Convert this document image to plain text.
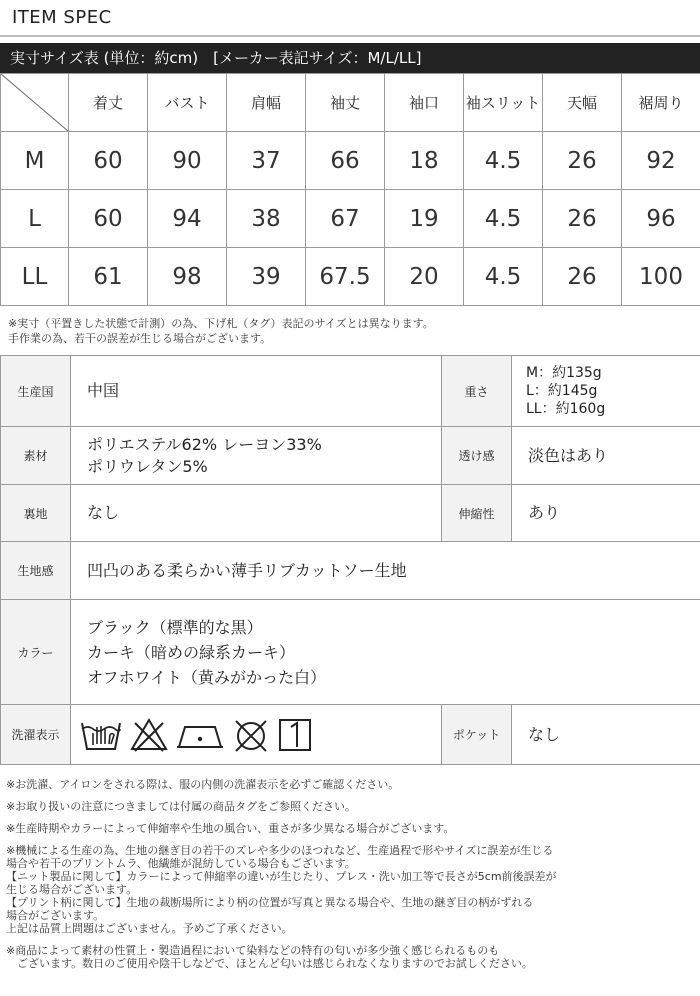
ITEM SPEC
実寸サイズ表 (単位：約cm)　[メーカー表記サイズ：M/L/LL]
	着丈	バスト	肩幅	袖丈	袖口	袖スリット	天幅	裾周り
M	60	90	37	66	18	4.5	26	92
L	60	94	38	67	19	4.5	26	96
LL	61	98	39	67.5	20	4.5	26	100
※実寸（平置きした状態で計測）の為、下げ札（タグ）表記のサイズとは異なります。
手作業の為、若干の誤差が生じる場合がございます。
生産国	中国	重さ	M：約135g
L：約145g
LL：約160g

素材	ポリエステル62% レーヨン33%
ポリウレタン5%	透け感	淡色はあり
裏地	なし	伸縮性	あり
生地感	凹凸のある柔らかい薄手リブカットソー生地		
カラー	ブラック（標準的な黒）
カーキ（暗めの緑系カーキ）
オフホワイト（黄みがかった白）		

洗濯表示		ポケット	なし
※お洗濯、アイロンをされる際は、服の内側の洗濯表示を必ずご確認ください。
※お取り扱いの注意につきましては付属の商品タグをご参照ください。
※生産時期やカラーによって伸縮率や生地の風合い、重さが多少異なる場合がございます。
※機械による生産の為、生地の継ぎ目の若干のズレや多少のほつれなど、生産過程で形やサイズに誤差が生じる
場合や若干のプリントムラ、他繊維が混紡している場合もございます。
【ニット製品に関して】カラーによって伸縮率の違いが生じたり、プレス・洗い加工等で長さが5cm前後誤差が
生じる場合がございます。
【プリント柄に関して】生地の裁断場所により柄の位置が写真と異なる場合や、生地の継ぎ目の柄がずれる
場合がございます。
上記は品質上問題はございません。予めご了承ください。
※商品によって素材の性質上・製造過程において染料などの特有の匂いが多少強く感じられるものも
　ございます。数日のご使用や陰干しなどで、ほとんど匂いは感じられなくなりますのでお試しください。
